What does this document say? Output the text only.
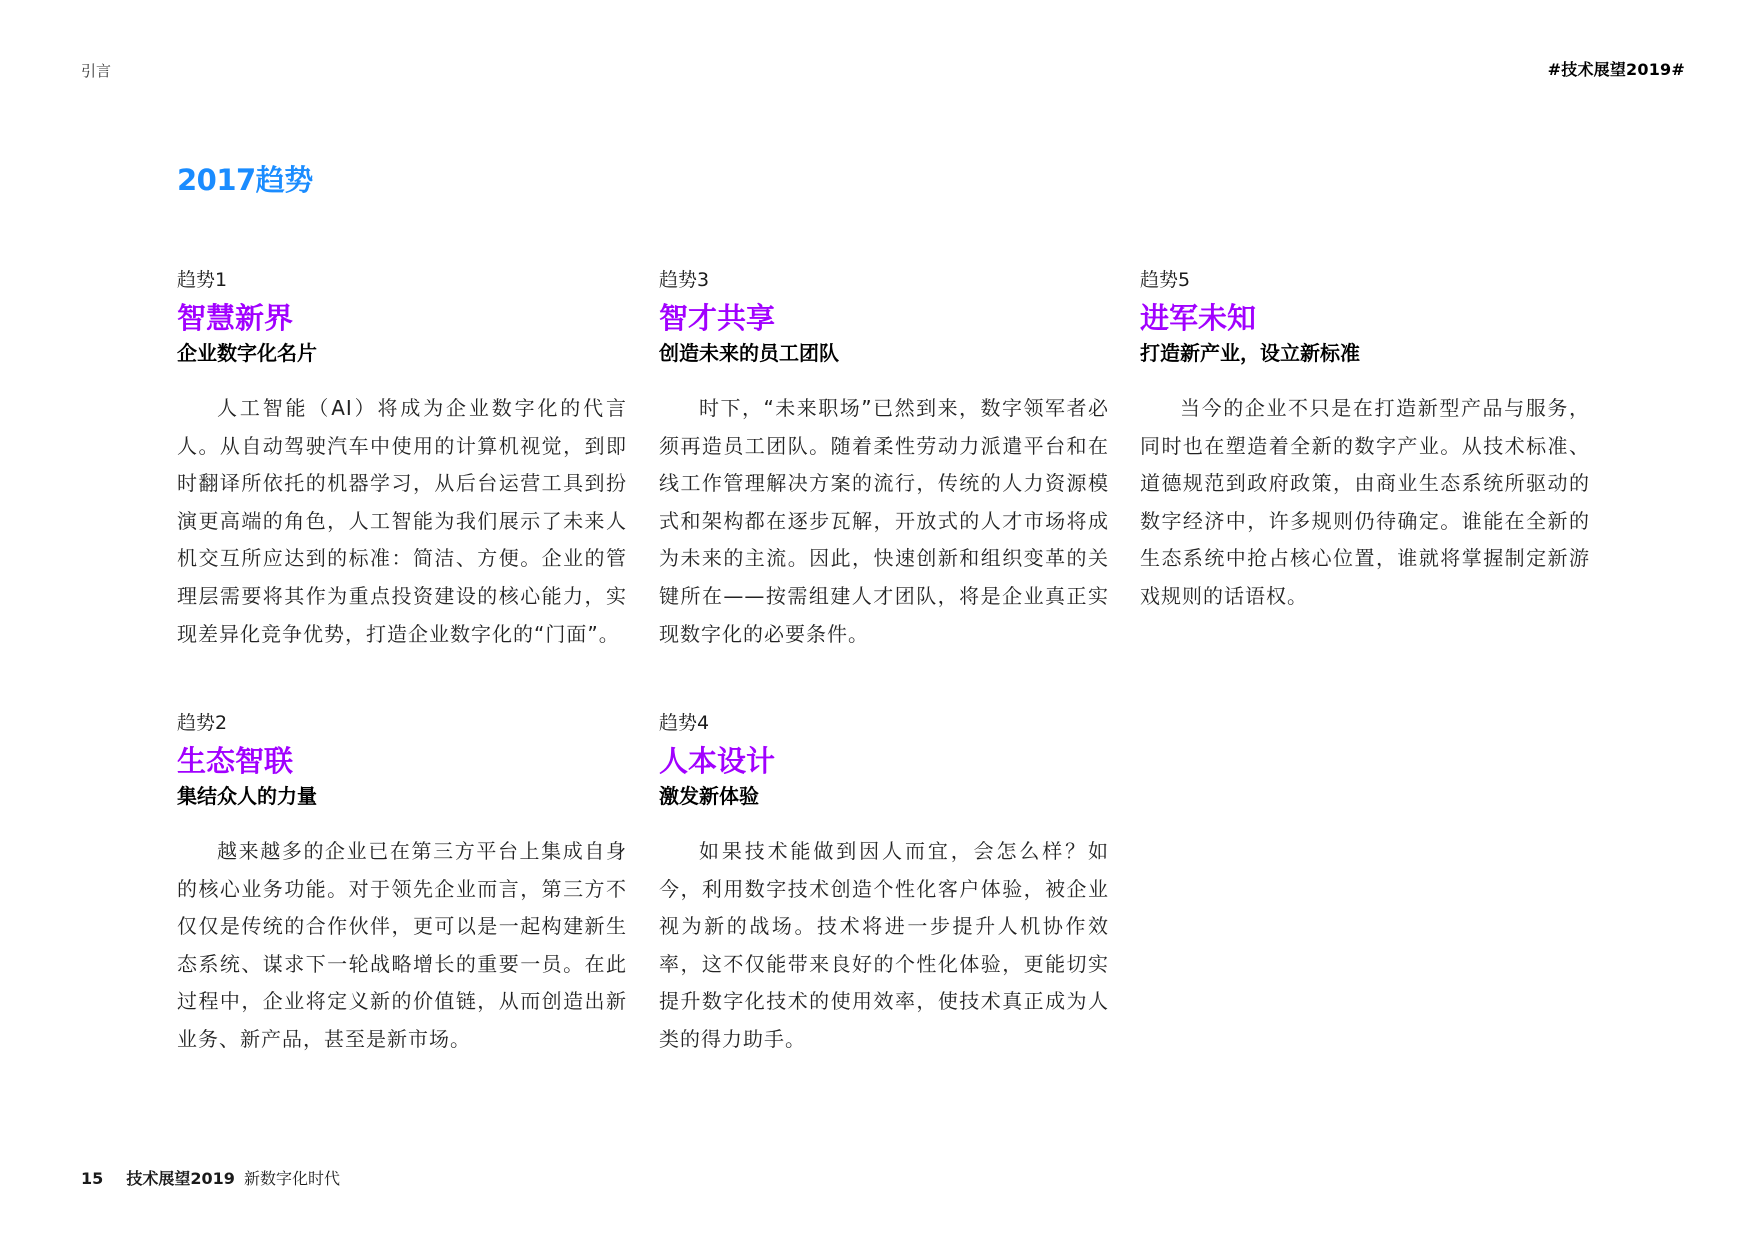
引言	#技术展望2019#
2017趋势
趋势1
智慧新界
企业数字化名片
人工智能（AI）将成为企业数字化的代言人。从自动驾驶汽车中使用的计算机视觉，到即时翻译所依托的机器学习，从后台运营工具到扮演更高端的角色，人工智能为我们展示了未来人机交互所应达到的标准：简洁、方便。企业的管理层需要将其作为重点投资建设的核心能力，实现差异化竞争优势，打造企业数字化的“门面”。
趋势3
智才共享
创造未来的员工团队
时下，“未来职场”已然到来，数字领军者必须再造员工团队。随着柔性劳动力派遣平台和在线工作管理解决方案的流行，传统的人力资源模式和架构都在逐步瓦解，开放式的人才市场将成为未来的主流。因此，快速创新和组织变革的关键所在——按需组建人才团队，将是企业真正实现数字化的必要条件。
趋势5
进军未知
打造新产业，设立新标准
当今的企业不只是在打造新型产品与服务，同时也在塑造着全新的数字产业。从技术标准、道德规范到政府政策，由商业生态系统所驱动的数字经济中，许多规则仍待确定。谁能在全新的生态系统中抢占核心位置，谁就将掌握制定新游戏规则的话语权。
趋势2
生态智联
集结众人的力量
越来越多的企业已在第三方平台上集成自身的核心业务功能。对于领先企业而言，第三方不仅仅是传统的合作伙伴，更可以是一起构建新生态系统、谋求下一轮战略增长的重要一员。在此过程中，企业将定义新的价值链，从而创造出新业务、新产品，甚至是新市场。
趋势4
人本设计
激发新体验
如果技术能做到因人而宜，会怎么样？如今，利用数字技术创造个性化客户体验，被企业视为新的战场。技术将进一步提升人机协作效率，这不仅能带来良好的个性化体验，更能切实提升数字化技术的使用效率，使技术真正成为人类的得力助手。
15 技术展望2019 新数字化时代
